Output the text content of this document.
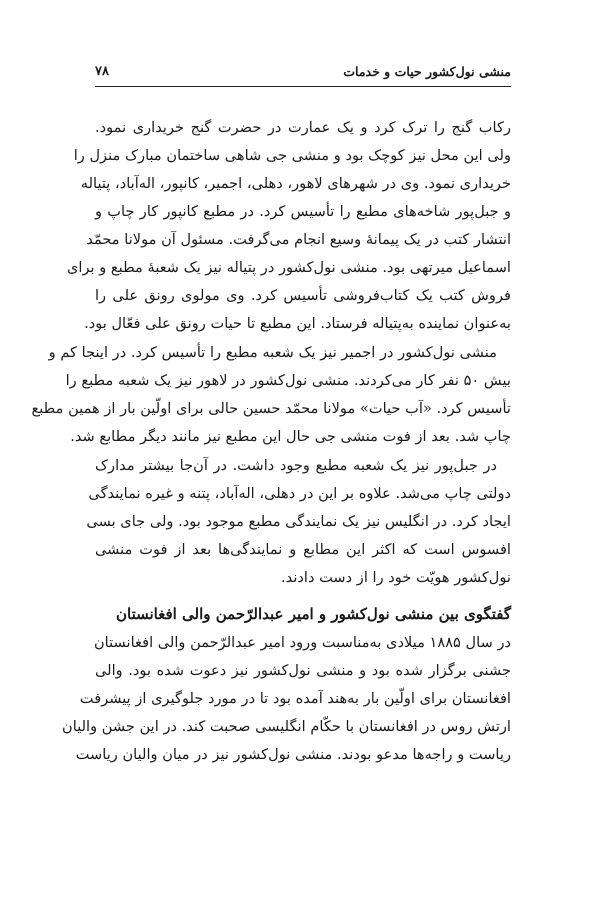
منشی نول‌کشور حیات و خدمات
۷۸
رکاب گنج را ترک کرد و یک عمارت در حضرت گنج خریداری نمود.
ولی این محل نیز کوچک بود و منشی جی شاهی ساختمان مبارک منزل را
خریداری نمود. وی در شهرهای لاهور، دهلی، اجمیر، کانپور، اله‌آباد، پتیاله
و جبل‌پور شاخه‌های مطبع را تأسیس کرد. در مطبع کانپور کار چاپ و
انتشار کتب در یک پیمانهٔ وسیع انجام می‌گرفت. مسئول آن مولانا محمّد
اسماعیل میرتهی بود. منشی نول‌کشور در پتیاله نیز یک شعبهٔ مطبع و برای
فروش کتب یک کتاب‌فروشی تأسیس کرد. وی مولوی رونق علی را
به‌عنوان نماینده به‌پتیاله فرستاد. این مطبع تا حیات رونق علی فعّال بود.
منشی نول‌کشور در اجمیر نیز یک شعبه مطبع را تأسیس کرد. در اینجا کم و
بیش ۵۰ نفر کار می‌کردند. منشی نول‌کشور در لاهور نیز یک شعبه مطبع را
تأسیس کرد. «آب حیات» مولانا محمّد حسین حالی برای اولّین بار از همین مطبع
چاپ شد. بعد از فوت منشی جی حال این مطبع نیز مانند دیگر مطابع شد.
در جبل‌پور نیز یک شعبه مطبع وجود داشت. در آن‌جا بیشتر مدارک
دولتی چاپ می‌شد. علاوه بر این در دهلی، اله‌آباد، پتنه و غیره نمایندگی
ایجاد کرد. در انگلیس نیز یک نمایندگی مطبع موجود بود. ولی جای بسی
افسوس است که اکثر این مطابع و نمایندگی‌ها بعد از فوت منشی
نول‌کشور هویّت خود را از دست دادند.
گفتگوی بین منشی نول‌کشور و امیر عبدالرّحمن والی افغانستان
در سال ۱۸۸۵ میلادی به‌مناسبت ورود امیر عبدالرّحمن والی افغانستان
جشنی برگزار شده بود و منشی نول‌کشور نیز دعوت شده بود. والی
افغانستان برای اولّین بار به‌هند آمده بود تا در مورد جلوگیری از پیشرفت
ارتش روس در افغانستان با حکّام انگلیسی صحبت کند. در این جشن والیان
ریاست و راجه‌ها مدعو بودند. منشی نول‌کشور نیز در میان والیان ریاست
